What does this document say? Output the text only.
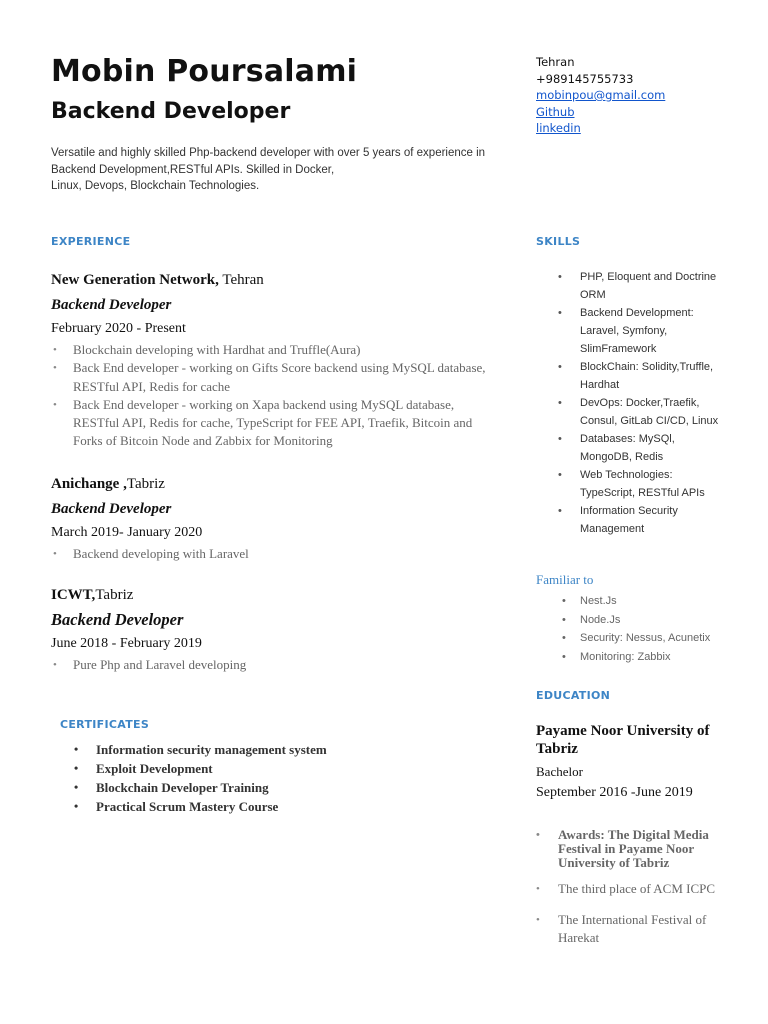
Mobin Poursalami
Backend Developer
Versatile and highly skilled Php-backend developer with over 5 years of experience in
Backend Development,RESTful APIs. Skilled in Docker,
Linux, Devops, Blockchain Technologies.
Tehran
+989145755733
mobinpou@gmail.com
Github
linkedin
EXPERIENCE	SKILLS
EDUCATION
CERTIFICATES
New Generation Network, Tehran
Backend Developer
February 2020 - Present
• Blockchain developing with Hardhat and Truffle(Aura)
• Back End developer - working on Gifts Score backend using MySQL database, RESTful API, Redis for cache
• Back End developer - working on Xapa backend using MySQL database, RESTful API, Redis for cache, TypeScript for FEE API, Traefik, Bitcoin and Forks of Bitcoin Node and Zabbix for Monitoring
Anichange ,Tabriz
Backend Developer
March 2019- January 2020
• Backend developing with Laravel
ICWT,Tabriz
Backend Developer
June 2018 - February 2019
• Pure Php and Laravel developing
• Information security management system
• Exploit Development
• Blockchain Developer Training
• Practical Scrum Mastery Course
• PHP, Eloquent and Doctrine ORM
• Backend Development: Laravel, Symfony, SlimFramework
• BlockChain: Solidity,Truffle, Hardhat
• DevOps: Docker,Traefik, Consul, GitLab CI/CD, Linux
• Databases: MySQl, MongoDB, Redis
• Web Technologies: TypeScript, RESTful APIs
• Information Security Management
Familiar to
• Nest.Js
• Node.Js
• Security: Nessus, Acunetix
• Monitoring: Zabbix
Payame Noor University of Tabriz
Bachelor
September 2016 -June 2019
• Awards: The Digital Media Festival in Payame Noor University of Tabriz
• The third place of ACM ICPC
• The International Festival of Harekat
